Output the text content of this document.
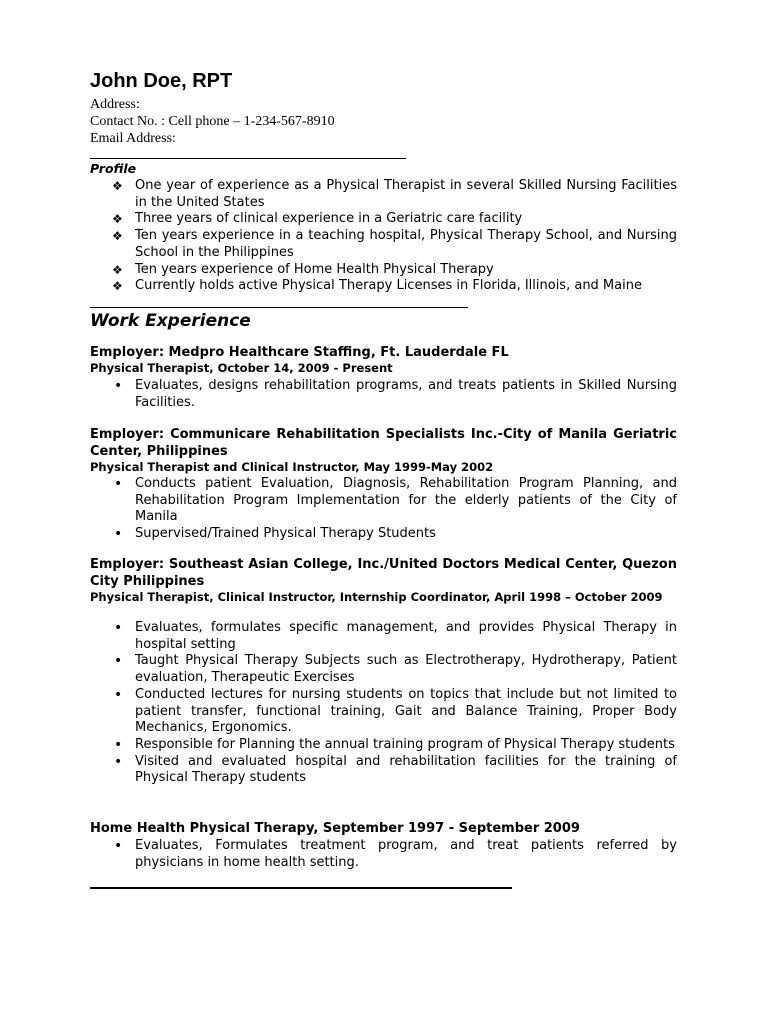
John Doe, RPT
Address:
Contact No. : Cell phone – 1-234-567-8910
Email Address:
Profile
❖ One year of experience as a Physical Therapist in several Skilled Nursing Facilities in the United States
❖ Three years of clinical experience in a Geriatric care facility
❖ Ten years experience in a teaching hospital, Physical Therapy School, and Nursing School in the Philippines
❖ Ten years experience of Home Health Physical Therapy
❖ Currently holds active Physical Therapy Licenses in Florida, Illinois, and Maine
Work Experience
Employer: Medpro Healthcare Staffing, Ft. Lauderdale FL
Physical Therapist, October 14, 2009 - Present
• Evaluates, designs rehabilitation programs, and treats patients in Skilled Nursing Facilities.
Employer: Communicare Rehabilitation Specialists Inc.-City of Manila Geriatric Center, Philippines
Physical Therapist and Clinical Instructor, May 1999-May 2002
• Conducts patient Evaluation, Diagnosis, Rehabilitation Program Planning, and Rehabilitation Program Implementation for the elderly patients of the City of Manila
• Supervised/Trained Physical Therapy Students
Employer: Southeast Asian College, Inc./United Doctors Medical Center, Quezon City Philippines
Physical Therapist, Clinical Instructor, Internship Coordinator, April 1998 – October 2009
• Evaluates, formulates specific management, and provides Physical Therapy in hospital setting
• Taught Physical Therapy Subjects such as Electrotherapy, Hydrotherapy, Patient evaluation, Therapeutic Exercises
• Conducted lectures for nursing students on topics that include but not limited to patient transfer, functional training, Gait and Balance Training, Proper Body Mechanics, Ergonomics.
• Responsible for Planning the annual training program of Physical Therapy students
• Visited and evaluated hospital and rehabilitation facilities for the training of Physical Therapy students
Home Health Physical Therapy, September 1997 - September 2009
• Evaluates, Formulates treatment program, and treat patients referred by physicians in home health setting.
